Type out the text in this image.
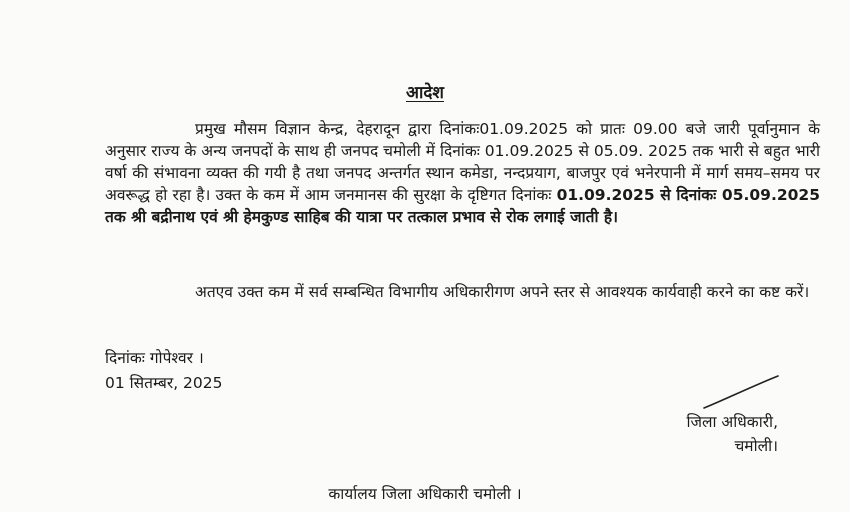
आदेश
प्रमुख मौसम विज्ञान केन्द्र, देहरादून द्वारा दिनांकः01.09.2025 को प्रातः 09.00 बजे जारी पूर्वानुमान के अनुसार राज्य के अन्य जनपदों के साथ ही जनपद चमोली में दिनांकः 01.09.2025 से 05.09. 2025 तक भारी से बहुत भारी वर्षा की संभावना व्यक्त की गयी है तथा जनपद अन्तर्गत स्थान कमेडा, नन्दप्रयाग, बाजपुर एवं भनेरपानी में मार्ग समय–समय पर अवरूद्ध हो रहा है। उक्त के कम में आम जनमानस की सुरक्षा के दृष्टिगत दिनांकः 01.09.2025 से दिनांकः 05.09.2025 तक श्री बद्रीनाथ एवं श्री हेमकुण्ड साहिब की यात्रा पर तत्काल प्रभाव से रोक लगाई जाती है।
अतएव उक्त कम में सर्व सम्बन्धित विभागीय अधिकारीगण अपने स्तर से आवश्यक कार्यवाही करने का कष्ट करें।
दिनांकः गोपेश्वर ।
01 सितम्बर, 2025
जिला अधिकारी,
चमोली।
कार्यालय जिला अधिकारी चमोली ।
